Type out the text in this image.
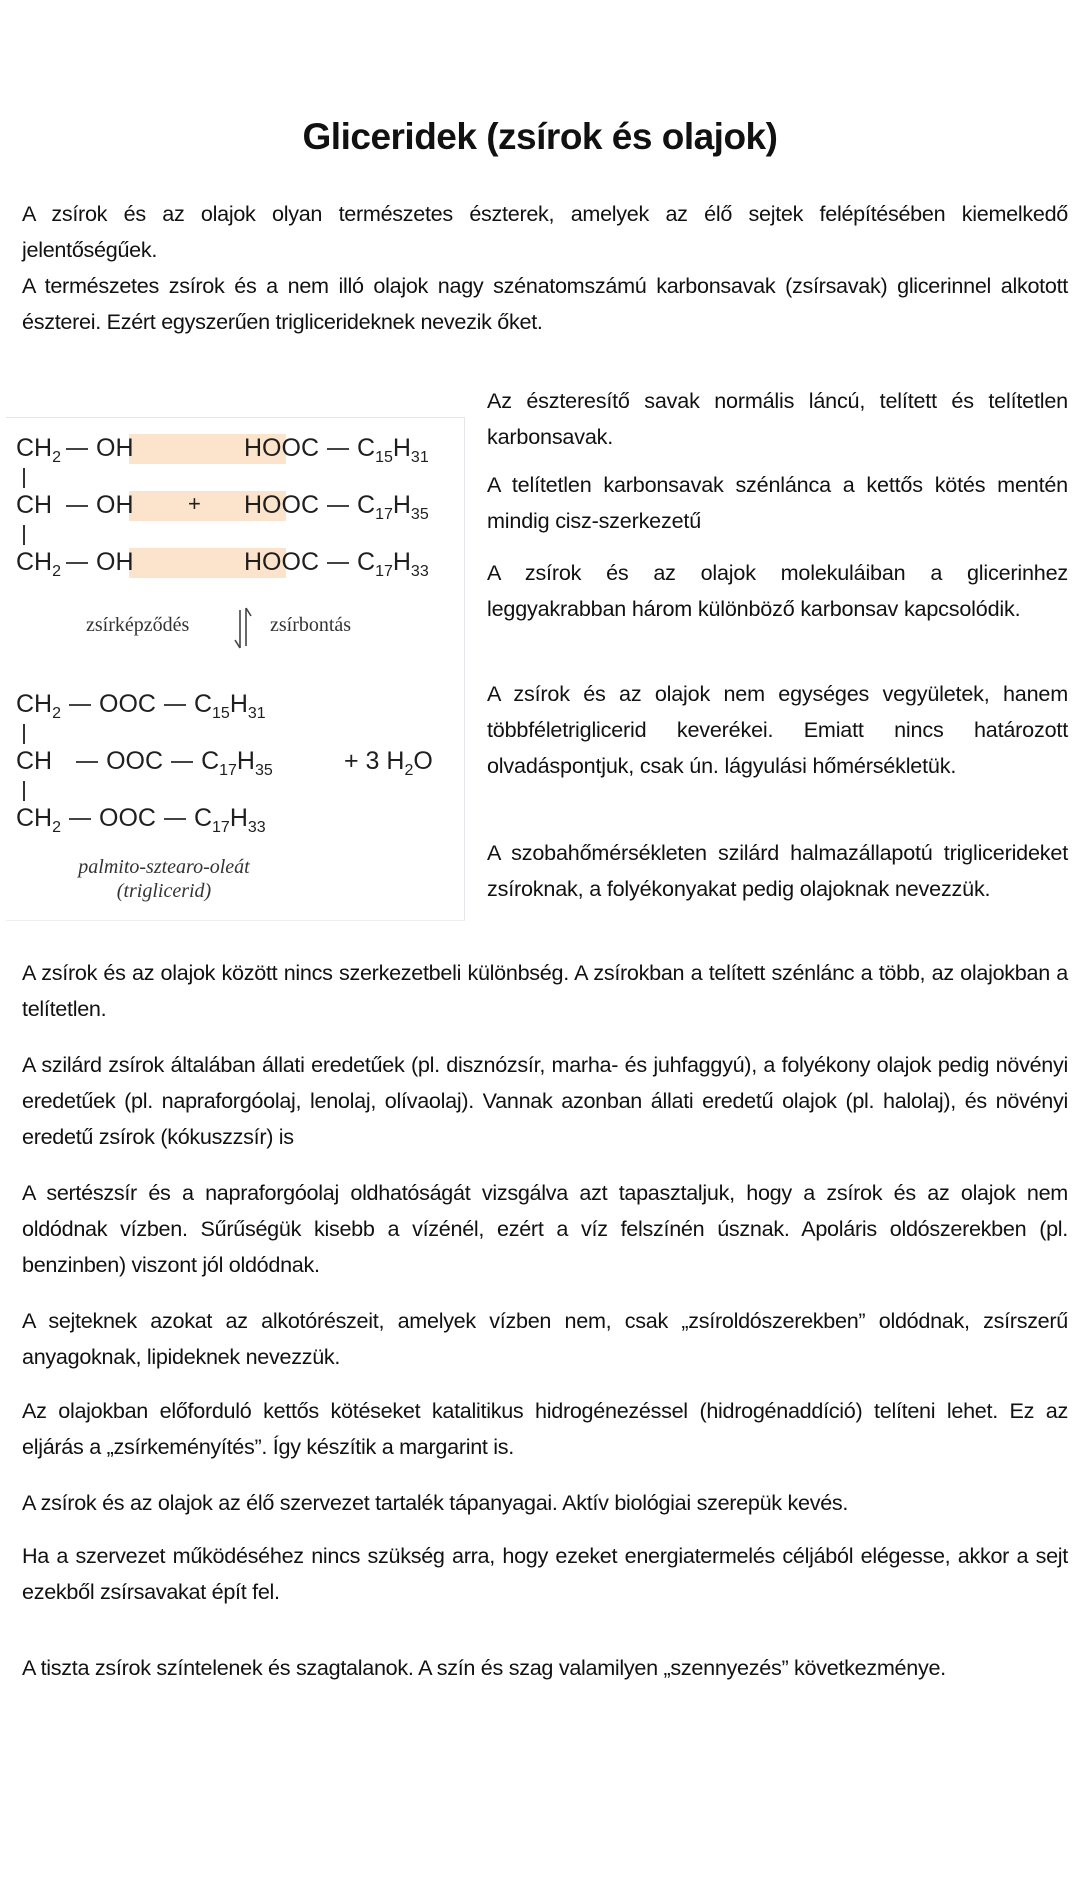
Gliceridek (zsírok és olajok)

A zsírok és az olajok olyan természetes észterek, amelyek az élő sejtek felépítésében kiemelkedő jelentőségűek.

A természetes zsírok és a nem illó olajok nagy szénatomszámú karbonsavak (zsírsavak) glicerinnel alkotott észterei. Ezért egyszerűen triglicerideknek nevezik őket.

$CH_2$ OH	HOOC $C_{15}H_{31}$
CH OH + HOOC $C_{17}H_{35}$
$CH_2$ OH	HOOC $C_{17}H_{33}$
zsírképződés	zsírbontás
$CH_2$ OOC $C_{15}H_{31}$
CH OOC $C_{17}H_{35}$	+ 3 $H_2O$
$CH_2$ OOC $C_{17}H_{33}$
palmito-sztearo-oleát
(triglicerid)

Az észteresítő savak normális láncú, telített és telítetlen karbonsavak.

A telítetlen karbonsavak szénlánca a kettős kötés mentén mindig cisz-szerkezetű

A zsírok és az olajok molekuláiban a glicerinhez leggyakrabban három különböző karbonsav kapcsolódik.

A zsírok és az olajok nem egységes vegyületek, hanem többféletriglicerid keverékei. Emiatt nincs határozott olvadáspontjuk, csak ún. lágyulási hőmérsékletük.

A szobahőmérsékleten szilárd halmazállapotú triglicerideket zsíroknak, a folyékonyakat pedig olajoknak nevezzük.

A zsírok és az olajok között nincs szerkezetbeli különbség. A zsírokban a telített szénlánc a több, az olajokban a telítetlen.

A szilárd zsírok általában állati eredetűek (pl. disznózsír, marha- és juhfaggyú), a folyékony olajok pedig növényi eredetűek (pl. napraforgóolaj, lenolaj, olívaolaj). Vannak azonban állati eredetű olajok (pl. halolaj), és növényi eredetű zsírok (kókuszzsír) is

A sertészsír és a napraforgóolaj oldhatóságát vizsgálva azt tapasztaljuk, hogy a zsírok és az olajok nem oldódnak vízben. Sűrűségük kisebb a vízénél, ezért a víz felszínén úsznak. Apoláris oldószerekben (pl. benzinben) viszont jól oldódnak.

A sejteknek azokat az alkotórészeit, amelyek vízben nem, csak „zsíroldószerekben” oldódnak, zsírszerű anyagoknak, lipideknek nevezzük.

Az olajokban előforduló kettős kötéseket katalitikus hidrogénezéssel (hidrogénaddíció) telíteni lehet. Ez az eljárás a „zsírkeményítés”. Így készítik a margarint is.

A zsírok és az olajok az élő szervezet tartalék tápanyagai. Aktív biológiai szerepük kevés.

Ha a szervezet működéséhez nincs szükség arra, hogy ezeket energiatermelés céljából elégesse, akkor a sejt ezekből zsírsavakat épít fel.

A tiszta zsírok színtelenek és szagtalanok. A szín és szag valamilyen „szennyezés” következménye.
